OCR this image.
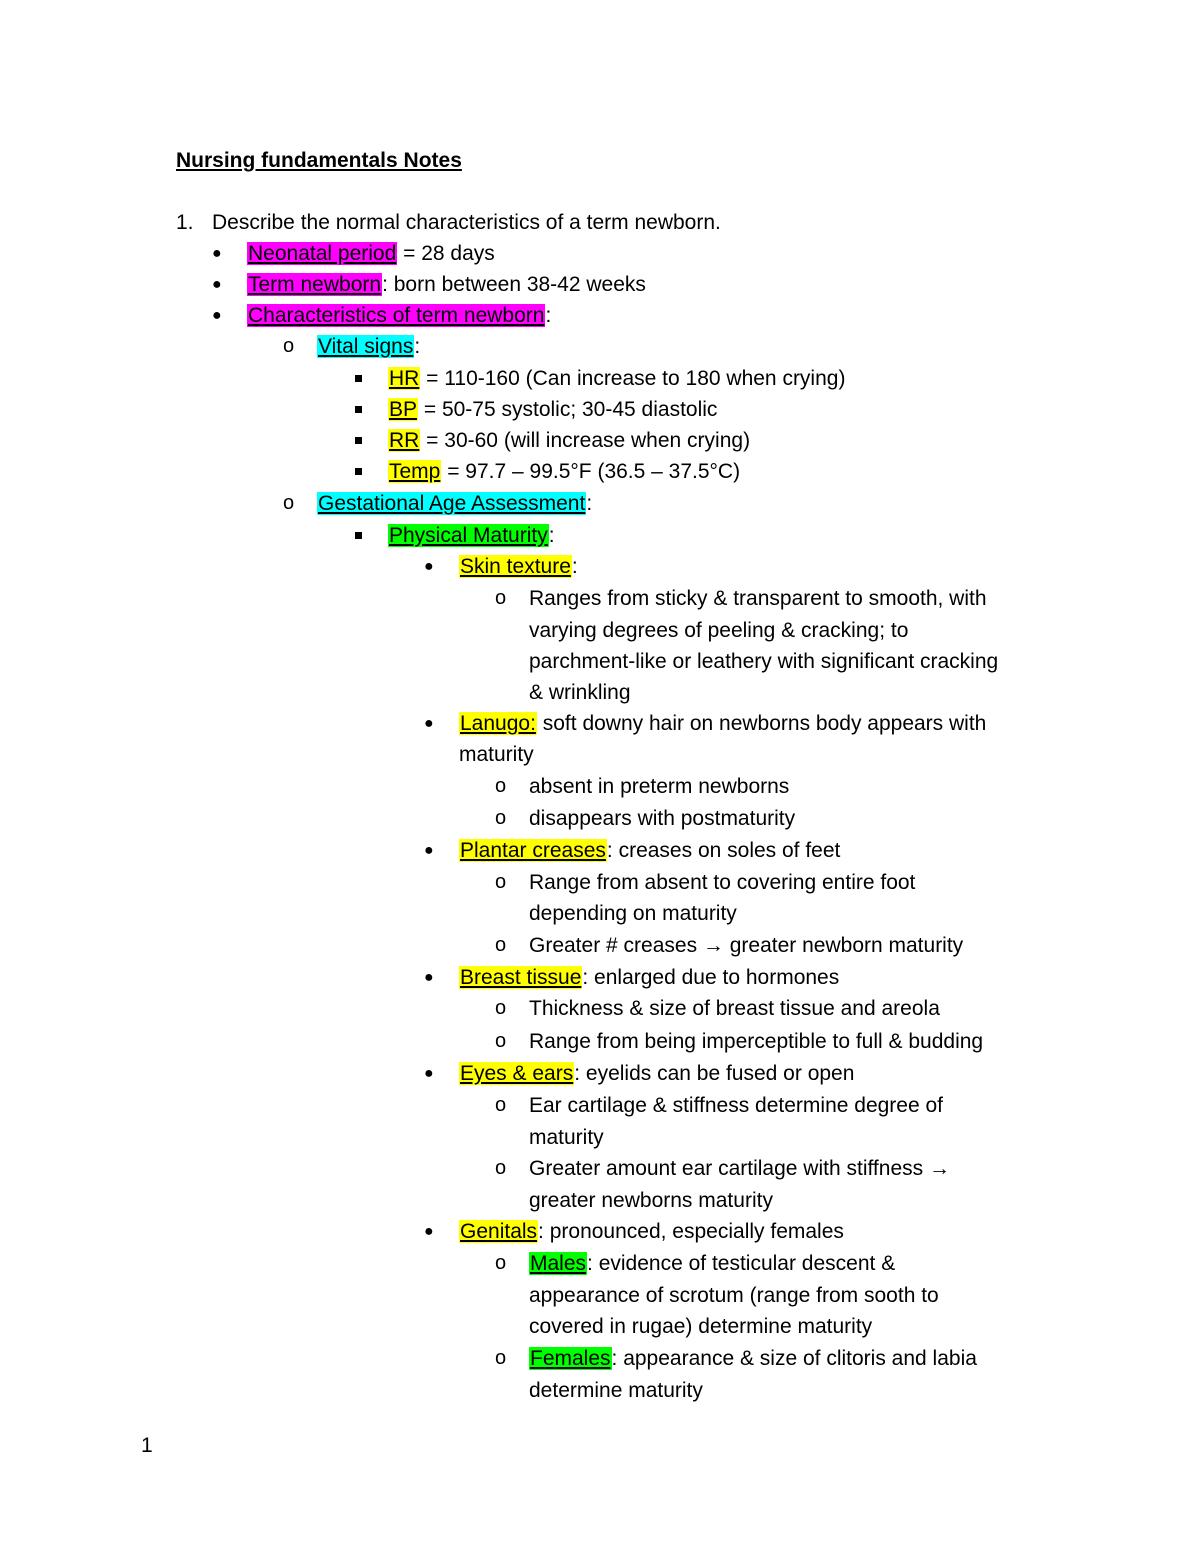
Nursing fundamentals Notes
1. Describe the normal characteristics of a term newborn.
● Neonatal period = 28 days
● Term newborn: born between 38-42 weeks
● Characteristics of term newborn:
o Vital signs:
HR = 110-160 (Can increase to 180 when crying)
BP = 50-75 systolic; 30-45 diastolic
RR = 30-60 (will increase when crying)
Temp = 97.7 – 99.5°F (36.5 – 37.5°C)
o Gestational Age Assessment:
Physical Maturity:
● Skin texture:
o Ranges from sticky & transparent to smooth, with
varying degrees of peeling & cracking; to
parchment-like or leathery with significant cracking
& wrinkling
● Lanugo: soft downy hair on newborns body appears with
maturity
o absent in preterm newborns
o disappears with postmaturity
● Plantar creases: creases on soles of feet
o Range from absent to covering entire foot
depending on maturity
o Greater # creases → greater newborn maturity
● Breast tissue: enlarged due to hormones
o Thickness & size of breast tissue and areola
o Range from being imperceptible to full & budding
● Eyes & ears: eyelids can be fused or open
o Ear cartilage & stiffness determine degree of
maturity
o Greater amount ear cartilage with stiffness →
greater newborns maturity
● Genitals: pronounced, especially females
o Males: evidence of testicular descent &
appearance of scrotum (range from sooth to
covered in rugae) determine maturity
o Females: appearance & size of clitoris and labia
determine maturity
1
